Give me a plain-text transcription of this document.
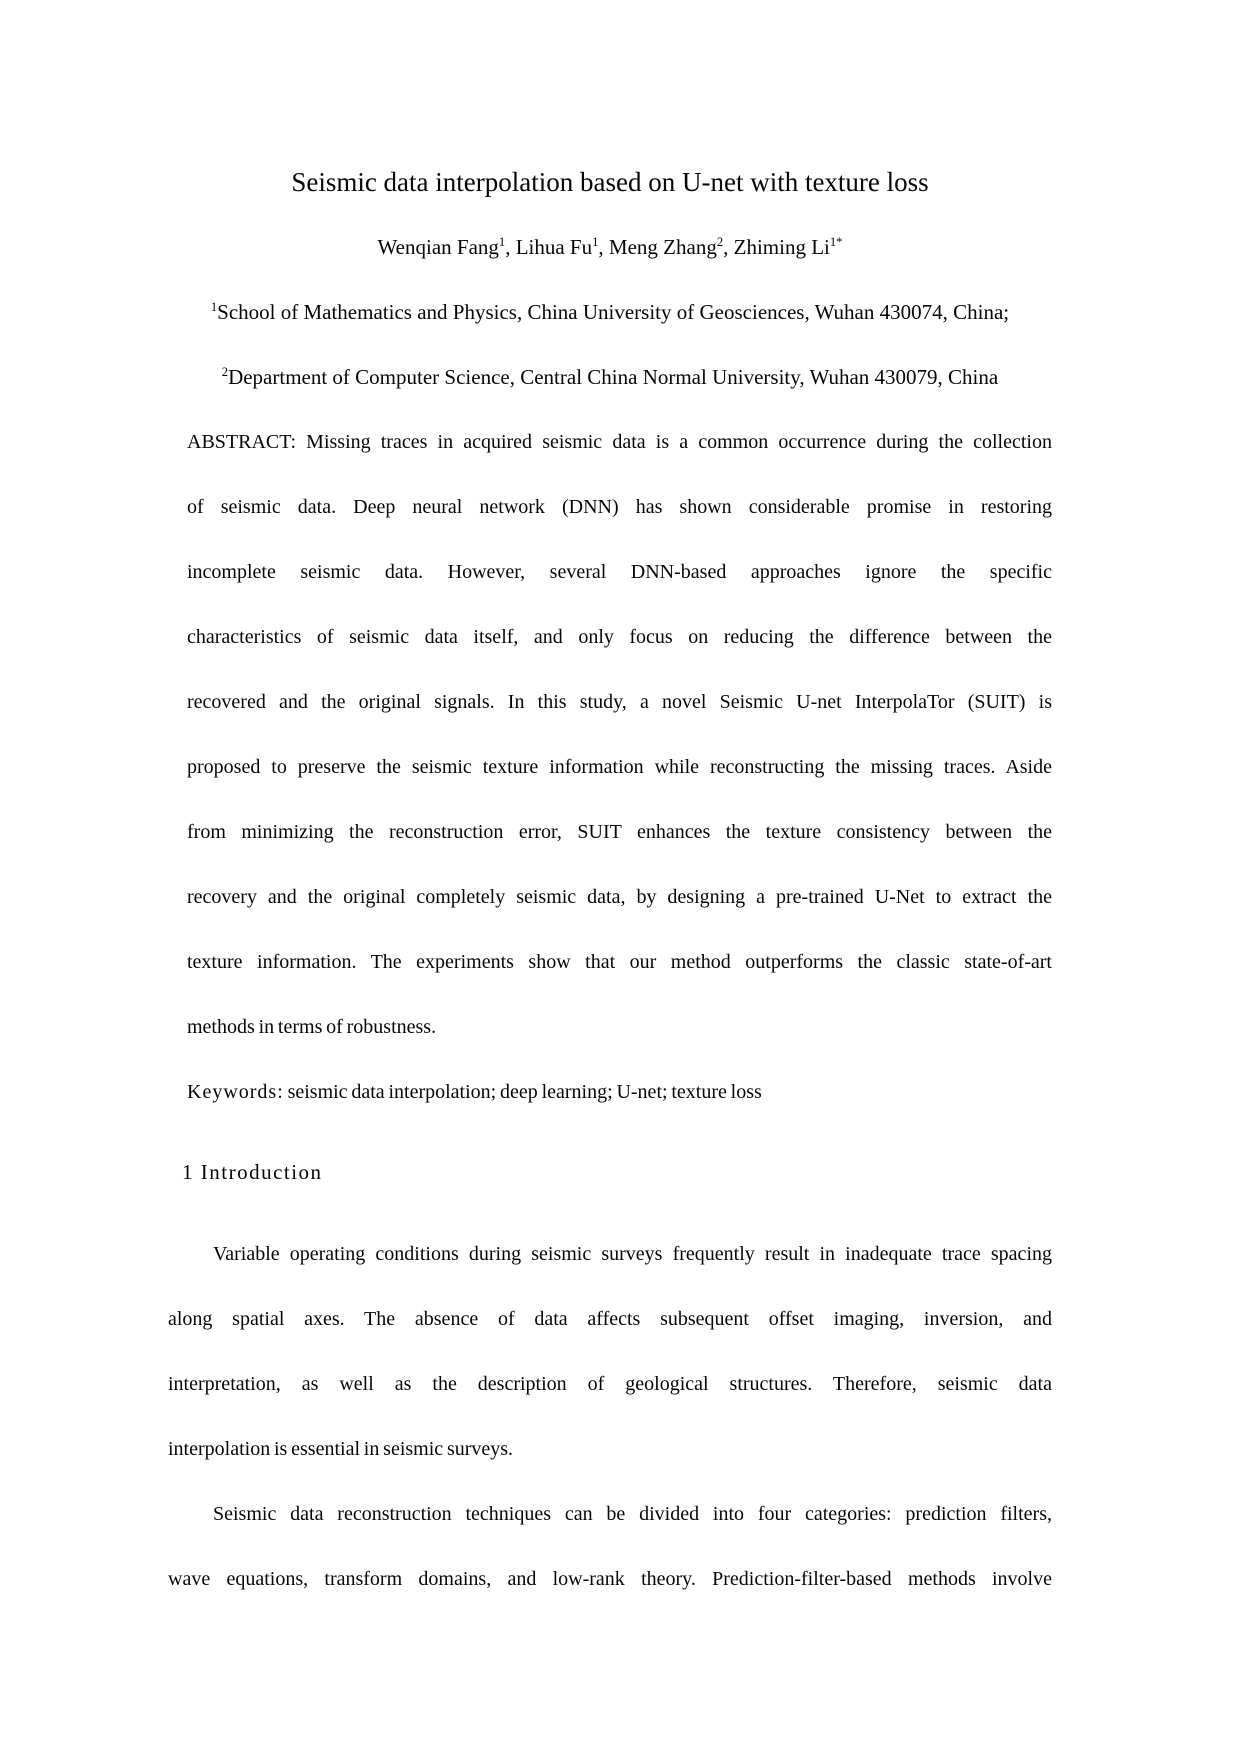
Seismic data interpolation based on U-net with texture loss
Wenqian Fang$^1$, Lihua Fu$^1$, Meng Zhang$^2$, Zhiming $Li^{1*}$
$^1$School of Mathematics and Physics, China University of Geosciences, Wuhan 430074, China;
$^2$Department of Computer Science, Central China Normal University, Wuhan 430079, China
ABSTRACT: Missing traces in acquired seismic data is a common occurrence during the collection
of seismic data. Deep neural network (DNN) has shown considerable promise in restoring
incomplete seismic data. However, several DNN-based approaches ignore the specific
characteristics of seismic data itself, and only focus on reducing the difference between the
recovered and the original signals. In this study, a novel Seismic U-net InterpolaTor (SUIT) is
proposed to preserve the seismic texture information while reconstructing the missing traces. Aside
from minimizing the reconstruction error, SUIT enhances the texture consistency between the
recovery and the original completely seismic data, by designing a pre-trained U-Net to extract the
texture information. The experiments show that our method outperforms the classic state-of-art
methods in terms of robustness.
Keywords: seismic data interpolation; deep learning; U-net; texture loss
1 Introduction
Variable operating conditions during seismic surveys frequently result in inadequate trace spacing
along spatial axes. The absence of data affects subsequent offset imaging, inversion, and
interpretation, as well as the description of geological structures. Therefore, seismic data
interpolation is essential in seismic surveys.
Seismic data reconstruction techniques can be divided into four categories: prediction filters,
wave equations, transform domains, and low-rank theory. Prediction-filter-based methods involve
